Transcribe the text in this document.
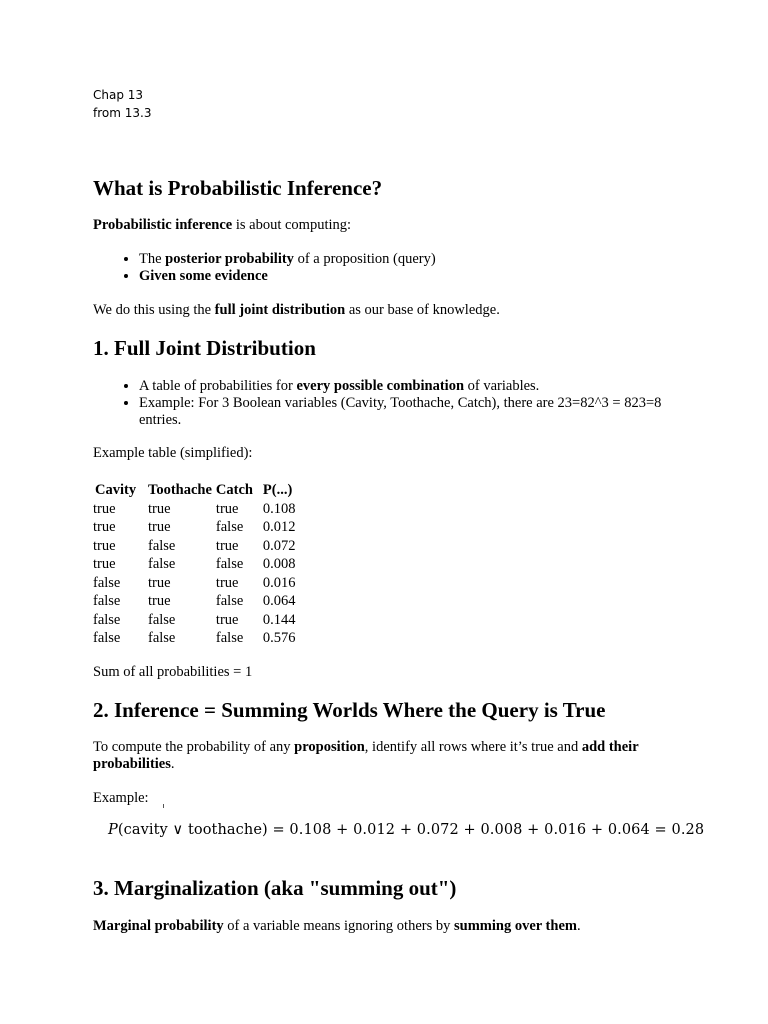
Chap 13
from 13.3
What is Probabilistic Inference?

Probabilistic inference is about computing:

• The posterior probability of a proposition (query)
• Given some evidence

We do this using the full joint distribution as our base of knowledge.

1. Full Joint Distribution
• A table of probabilities for every possible combination of variables.
• Example: For 3 Boolean variables (Cavity, Toothache, Catch), there are 23=82^3 = 823=8 entries.

Example table (simplified):

Cavity	Toothache	Catch	P(...)
true	true	true	0.108
true	true	false	0.012
true	false	true	0.072
true	false	false	0.008
false	true	true	0.016
false	true	false	0.064
false	false	true	0.144
false	false	false	0.576

Sum of all probabilities = 1

2. Inference = Summing Worlds Where the Query is True

To compute the probability of any proposition, identify all rows where it’s true and add their probabilities.

Example:

P(cavity ∨ toothache) = 0.108 + 0.012 + 0.072 + 0.008 + 0.016 + 0.064 = 0.28
3. Marginalization (aka "summing out")

Marginal probability of a variable means ignoring others by summing over them.
